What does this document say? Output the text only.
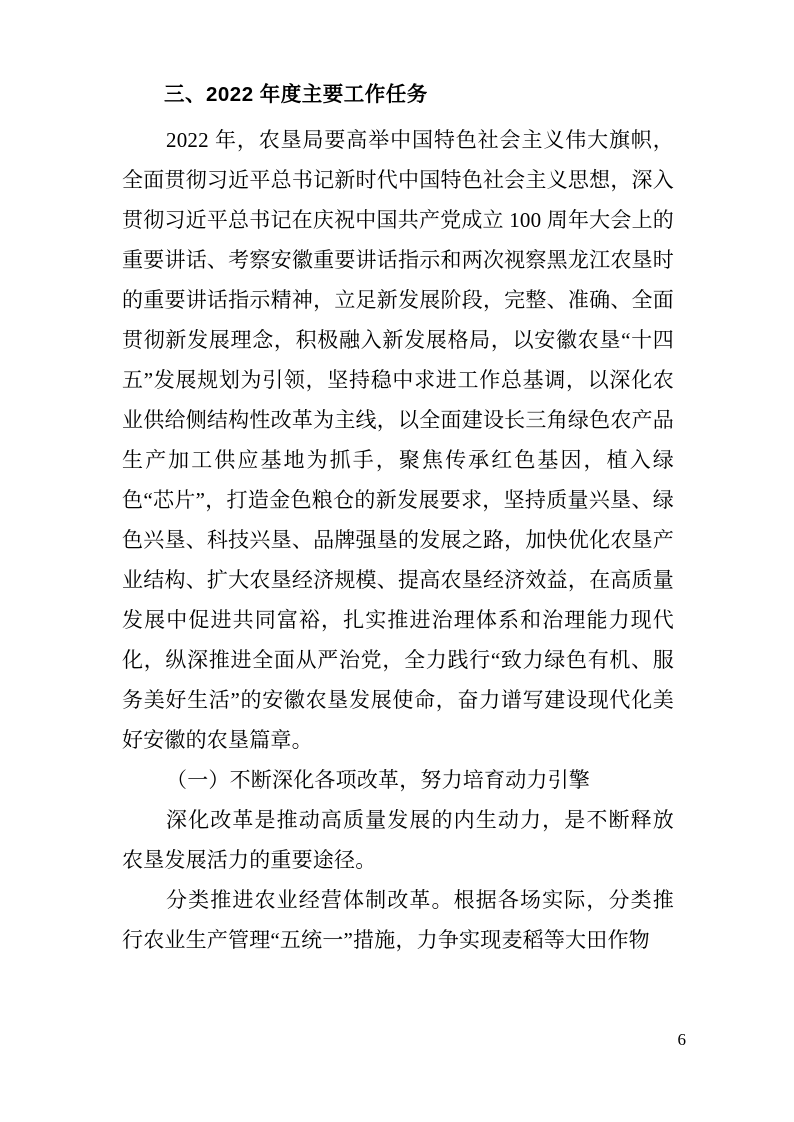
三、2022 年度主要工作任务

2022 年，农垦局要高举中国特色社会主义伟大旗帜，全面贯彻习近平总书记新时代中国特色社会主义思想，深入贯彻习近平总书记在庆祝中国共产党成立 100 周年大会上的重要讲话、考察安徽重要讲话指示和两次视察黑龙江农垦时的重要讲话指示精神，立足新发展阶段，完整、准确、全面贯彻新发展理念，积极融入新发展格局，以安徽农垦“十四五”发展规划为引领，坚持稳中求进工作总基调，以深化农业供给侧结构性改革为主线，以全面建设长三角绿色农产品生产加工供应基地为抓手，聚焦传承红色基因，植入绿色“芯片”，打造金色粮仓的新发展要求，坚持质量兴垦、绿色兴垦、科技兴垦、品牌强垦的发展之路，加快优化农垦产业结构、扩大农垦经济规模、提高农垦经济效益，在高质量发展中促进共同富裕，扎实推进治理体系和治理能力现代化，纵深推进全面从严治党，全力践行“致力绿色有机、服务美好生活”的安徽农垦发展使命，奋力谱写建设现代化美好安徽的农垦篇章。

（一）不断深化各项改革，努力培育动力引擎

深化改革是推动高质量发展的内生动力，是不断释放农垦发展活力的重要途径。

分类推进农业经营体制改革。根据各场实际，分类推行农业生产管理“五统一”措施，力争实现麦稻等大田作物

6
